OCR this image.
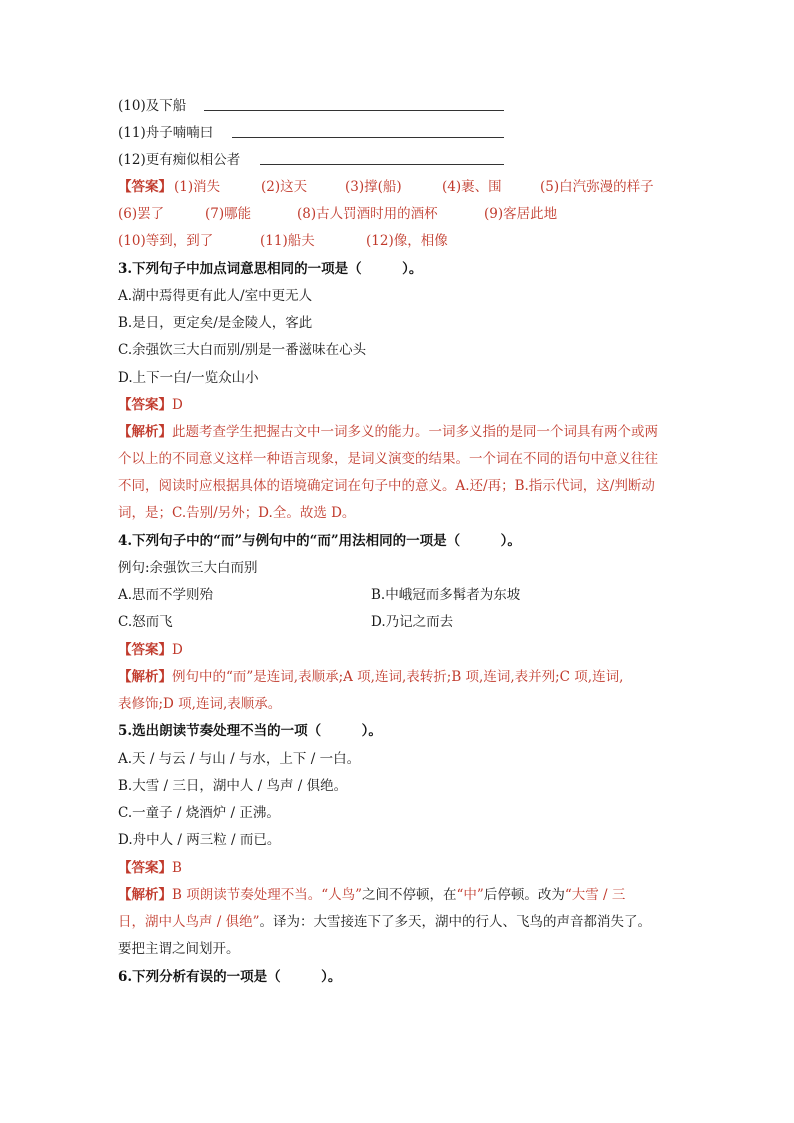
(10)及下船
(11)舟子喃喃曰
(12)更有痴似相公者
【答案】 (1)消失	(2)这天	(3)撑(船)	(4)裹、围	(5)白汽弥漫的样子
(6)罢了	(7)哪能	(8)古人罚酒时用的酒杯	(9)客居此地
(10)等到，到了	(11)船夫	(12)像，相像
3.下列句子中加点词意思相同的一项是（　　　）。
A.湖中焉得更有此人/室中更无人
B.是日，更定矣/是金陵人，客此
C.余强饮三大白而别/别是一番滋味在心头
D.上下一白/一览众山小
【答案】D
【解析】此题考查学生把握古文中一词多义的能力。一词多义指的是同一个词具有两个或两
个以上的不同意义这样一种语言现象，是词义演变的结果。一个词在不同的语句中意义往往
不同，阅读时应根据具体的语境确定词在句子中的意义。A.还/再；B.指示代词，这/判断动
词，是；C.告别/另外；D.全。故选 D。
4.下列句子中的“而”与例句中的“而”用法相同的一项是（　　　）。
例句:余强饮三大白而别
A.思而不学则殆	B.中峨冠而多髯者为东坡
C.怒而飞	D.乃记之而去
【答案】D
【解析】例句中的“而”是连词,表顺承;A 项,连词,表转折;B 项,连词,表并列;C 项,连词,
表修饰;D 项,连词,表顺承。
5.选出朗读节奏处理不当的一项（　　　）。
A.天 / 与云 / 与山 / 与水，上下 / 一白。
B.大雪 / 三日，湖中人 / 鸟声 / 俱绝。
C.一童子 / 烧酒炉 / 正沸。
D.舟中人 / 两三粒 / 而已。
【答案】B
【解析】B 项朗读节奏处理不当。“人鸟”之间不停顿，在“中”后停顿。改为“大雪 / 三
日，湖中人鸟声 / 俱绝”。译为：大雪接连下了多天，湖中的行人、飞鸟的声音都消失了。
要把主谓之间划开。
6.下列分析有误的一项是（　　　）。
